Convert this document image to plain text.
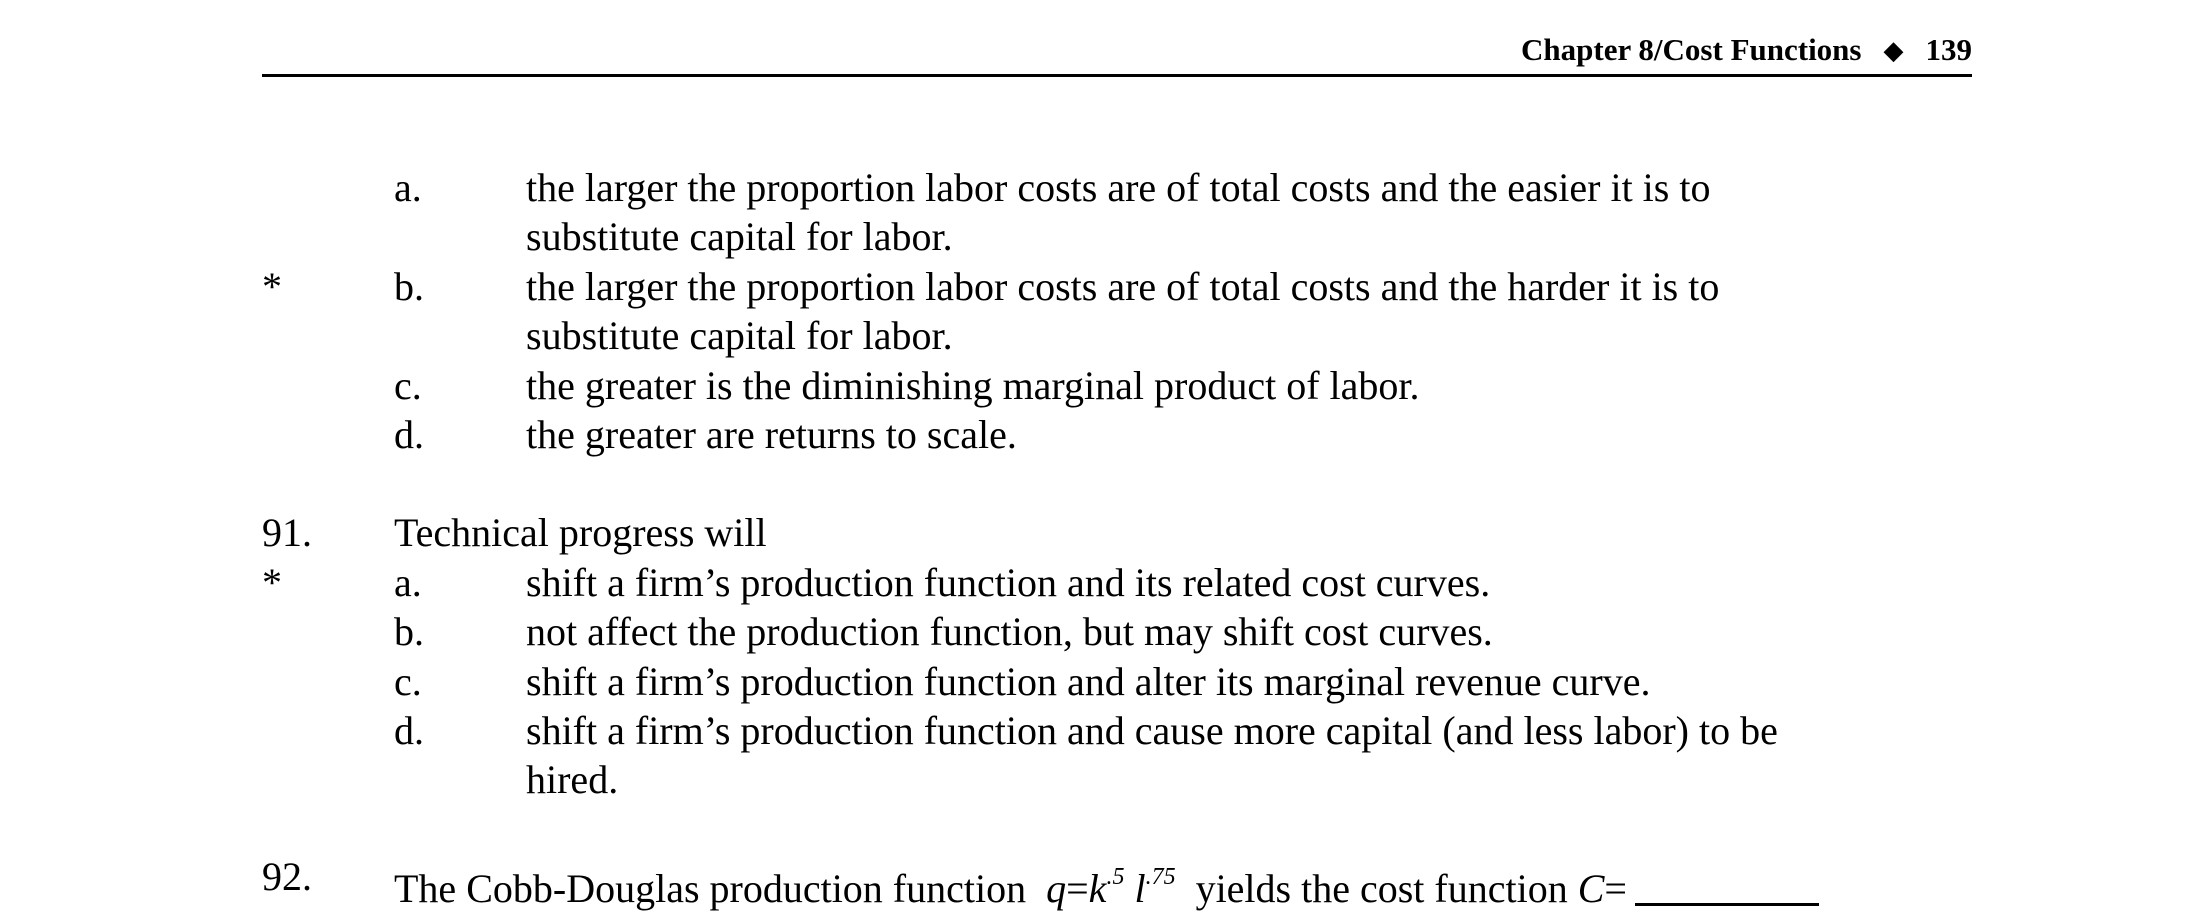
Chapter 8/Cost Functions ◆ 139
a.	the larger the proportion labor costs are of total costs and the easier it is to
substitute capital for labor.
*	b.	the larger the proportion labor costs are of total costs and the harder it is to
substitute capital for labor.
c.	the greater is the diminishing marginal product of labor.
d.	the greater are returns to scale.
91. Technical progress will
*	a.	shift a firm’s production function and its related cost curves.
b.	not affect the production function, but may shift cost curves.
c.	shift a firm’s production function and alter its marginal revenue curve.
d.	shift a firm’s production function and cause more capital (and less labor) to be
hired.
92. The Cobb-Douglas production function $q=k^{.5}$ $l^{.75}$ yields the cost function C=
